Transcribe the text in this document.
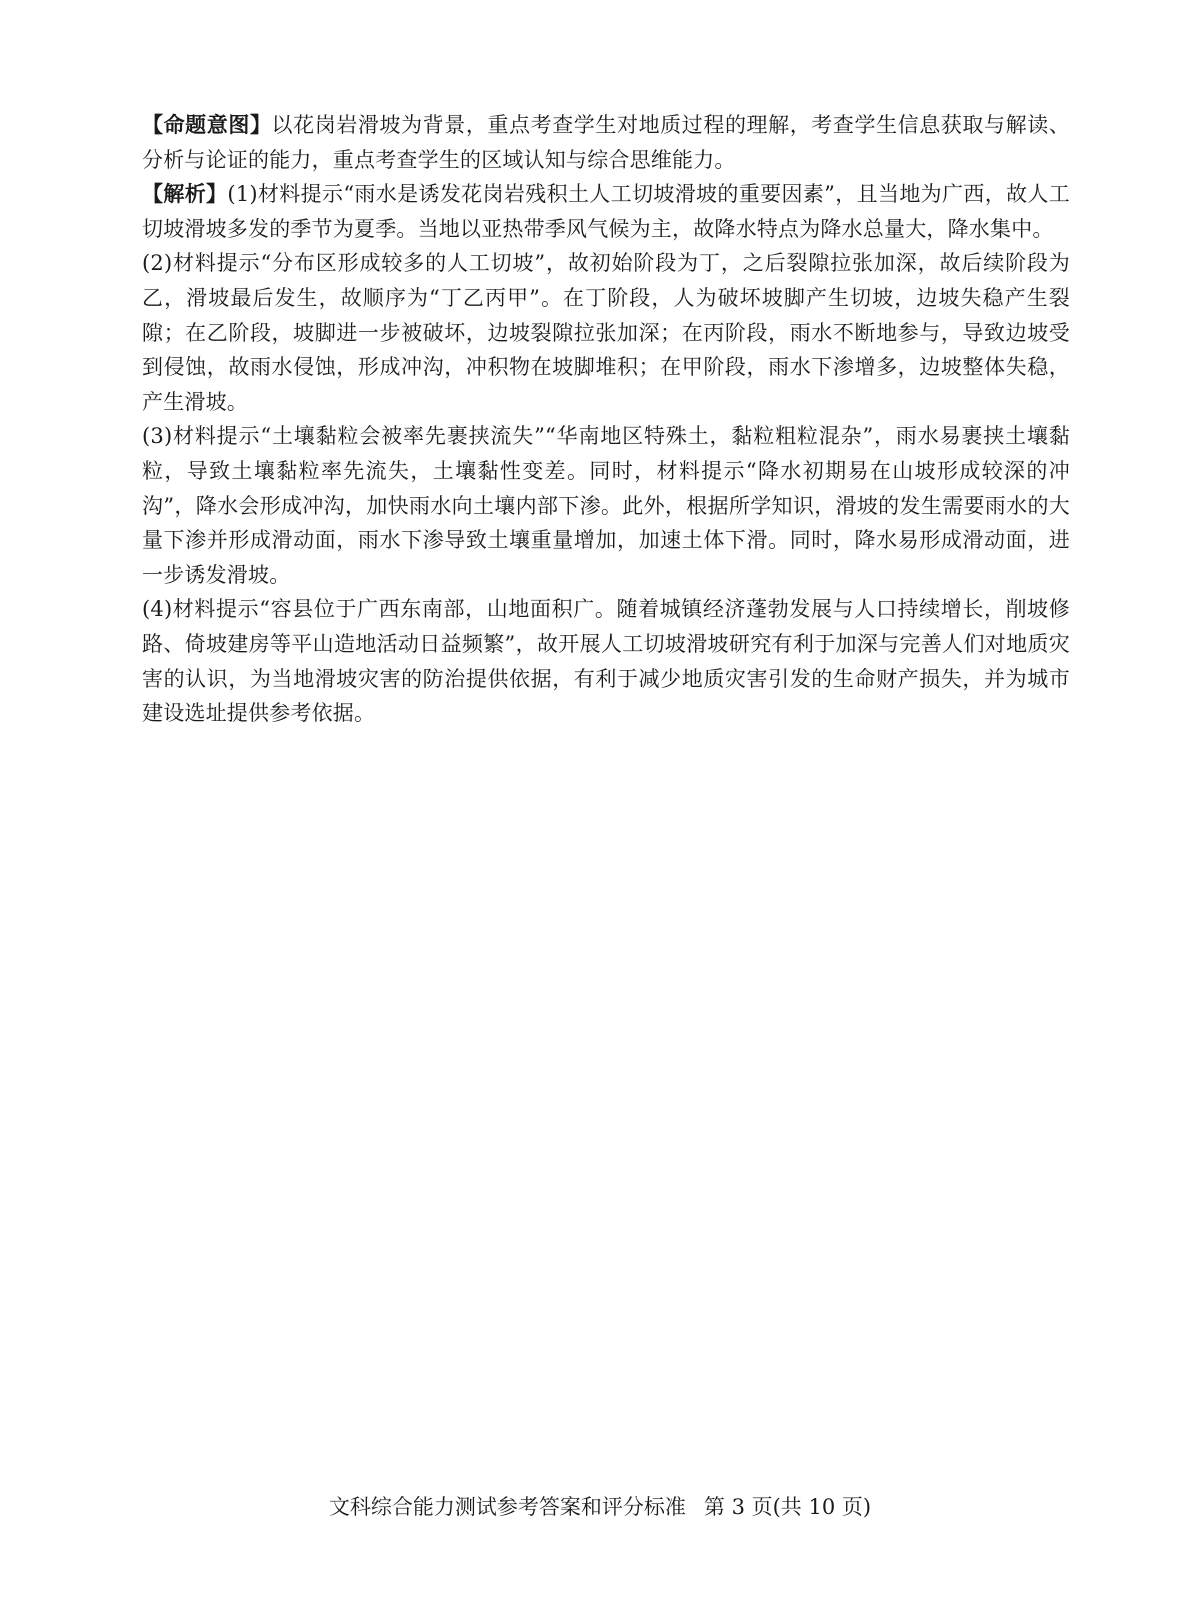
【命题意图】以花岗岩滑坡为背景，重点考查学生对地质过程的理解，考查学生信息获取与解读、分析与论证的能力，重点考查学生的区域认知与综合思维能力。

【解析】(1)材料提示“雨水是诱发花岗岩残积土人工切坡滑坡的重要因素”，且当地为广西，故人工切坡滑坡多发的季节为夏季。当地以亚热带季风气候为主，故降水特点为降水总量大，降水集中。

(2)材料提示“分布区形成较多的人工切坡”，故初始阶段为丁，之后裂隙拉张加深，故后续阶段为乙，滑坡最后发生，故顺序为“丁乙丙甲”。在丁阶段，人为破坏坡脚产生切坡，边坡失稳产生裂隙；在乙阶段，坡脚进一步被破坏，边坡裂隙拉张加深；在丙阶段，雨水不断地参与，导致边坡受到侵蚀，故雨水侵蚀，形成冲沟，冲积物在坡脚堆积；在甲阶段，雨水下渗增多，边坡整体失稳，产生滑坡。

(3)材料提示“土壤黏粒会被率先裹挟流失”“华南地区特殊土，黏粒粗粒混杂”，雨水易裹挟土壤黏粒，导致土壤黏粒率先流失，土壤黏性变差。同时，材料提示“降水初期易在山坡形成较深的冲沟”，降水会形成冲沟，加快雨水向土壤内部下渗。此外，根据所学知识，滑坡的发生需要雨水的大量下渗并形成滑动面，雨水下渗导致土壤重量增加，加速土体下滑。同时，降水易形成滑动面，进一步诱发滑坡。

(4)材料提示“容县位于广西东南部，山地面积广。随着城镇经济蓬勃发展与人口持续增长，削坡修路、倚坡建房等平山造地活动日益频繁”，故开展人工切坡滑坡研究有利于加深与完善人们对地质灾害的认识，为当地滑坡灾害的防治提供依据，有利于减少地质灾害引发的生命财产损失，并为城市建设选址提供参考依据。

文科综合能力测试参考答案和评分标准 第 3 页(共 10 页)
